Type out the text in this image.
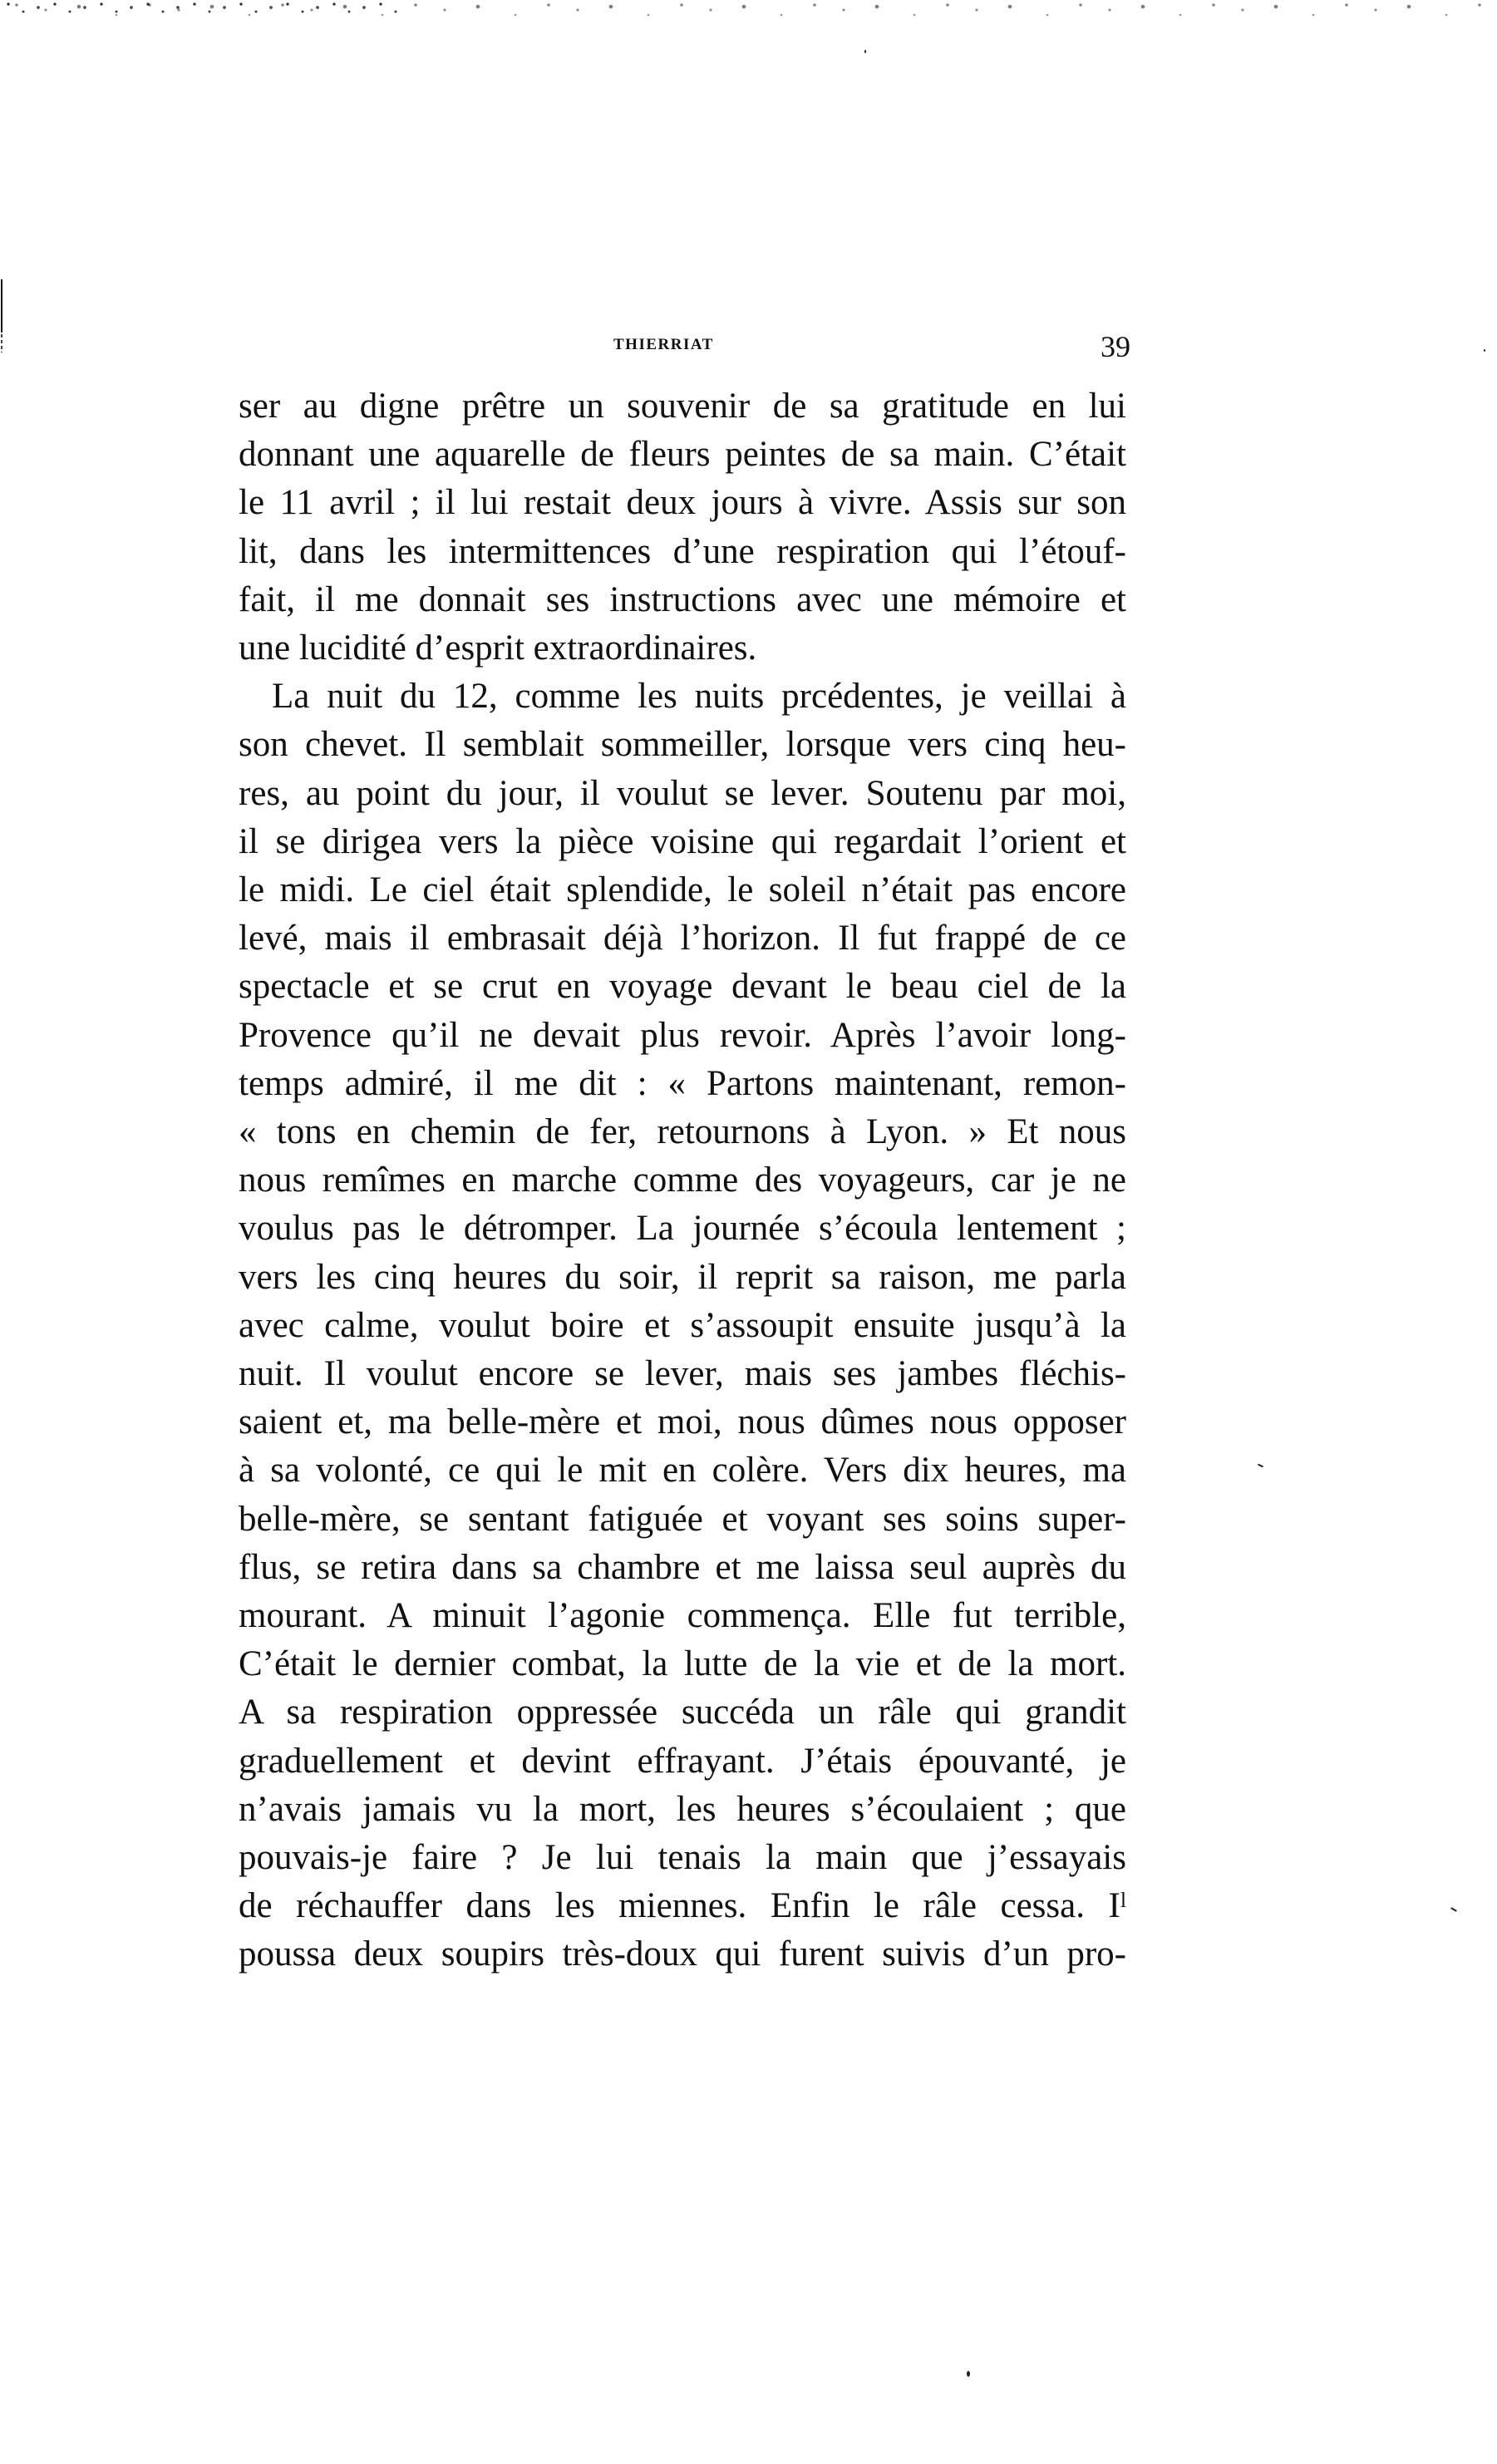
THIERRIAT	39
ser au digne prêtre un souvenir de sa gratitude en lui
donnant une aquarelle de fleurs peintes de sa main. C’était
le 11 avril ; il lui restait deux jours à vivre. Assis sur son
lit, dans les intermittences d’une respiration qui l’étouf-
fait, il me donnait ses instructions avec une mémoire et
une lucidité d’esprit extraordinaires.
La nuit du 12, comme les nuits prcédentes, je veillai à
son chevet. Il semblait sommeiller, lorsque vers cinq heu-
res, au point du jour, il voulut se lever. Soutenu par moi,
il se dirigea vers la pièce voisine qui regardait l’orient et
le midi. Le ciel était splendide, le soleil n’était pas encore
levé, mais il embrasait déjà l’horizon. Il fut frappé de ce
spectacle et se crut en voyage devant le beau ciel de la
Provence qu’il ne devait plus revoir. Après l’avoir long-
temps admiré, il me dit : « Partons maintenant, remon-
« tons en chemin de fer, retournons à Lyon. » Et nous
nous remîmes en marche comme des voyageurs, car je ne
voulus pas le détromper. La journée s’écoula lentement ;
vers les cinq heures du soir, il reprit sa raison, me parla
avec calme, voulut boire et s’assoupit ensuite jusqu’à la
nuit. Il voulut encore se lever, mais ses jambes fléchis-
saient et, ma belle-mère et moi, nous dûmes nous opposer
à sa volonté, ce qui le mit en colère. Vers dix heures, ma
belle-mère, se sentant fatiguée et voyant ses soins super-
flus, se retira dans sa chambre et me laissa seul auprès du
mourant. A minuit l’agonie commença. Elle fut terrible,
C’était le dernier combat, la lutte de la vie et de la mort.
A sa respiration oppressée succéda un râle qui grandit
graduellement et devint effrayant. J’étais épouvanté, je
n’avais jamais vu la mort, les heures s’écoulaient ; que
pouvais-je faire ? Je lui tenais la main que j’essayais
de réchauffer dans les miennes. Enfin le râle cessa. Iˡ
poussa deux soupirs très-doux qui furent suivis d’un pro-
